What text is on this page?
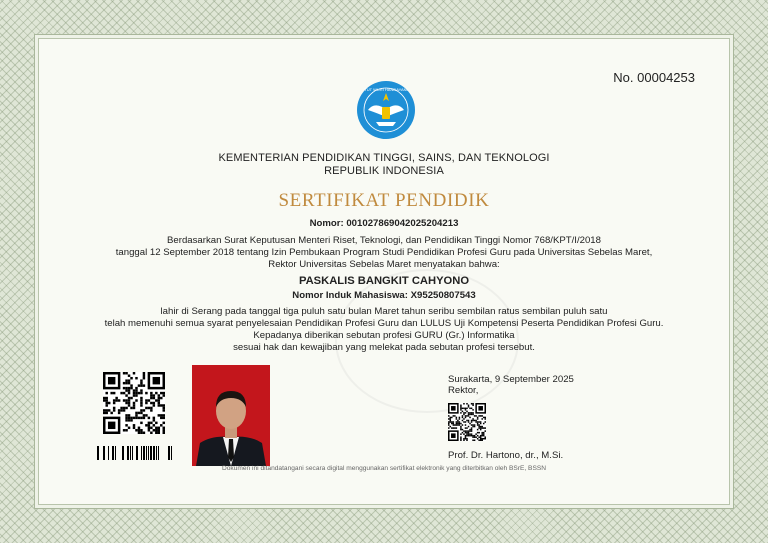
No. 00004253
TUT WURI HANDAYANI
KEMENTERIAN PENDIDIKAN TINGGI, SAINS, DAN TEKNOLOGI
REPUBLIK INDONESIA
SERTIFIKAT PENDIDIK
Nomor: 001027869042025204213
Berdasarkan Surat Keputusan Menteri Riset, Teknologi, dan Pendidikan Tinggi Nomor 768/KPT/I/2018
tanggal 12 September 2018 tentang Izin Pembukaan Program Studi Pendidikan Profesi Guru pada Universitas Sebelas Maret,
Rektor Universitas Sebelas Maret menyatakan bahwa:
PASKALIS BANGKIT CAHYONO
Nomor Induk Mahasiswa: X95250807543
lahir di Serang pada tanggal tiga puluh satu bulan Maret tahun seribu sembilan ratus sembilan puluh satu
telah memenuhi semua syarat penyelesaian Pendidikan Profesi Guru dan LULUS Uji Kompetensi Peserta Pendidikan Profesi Guru.
Kepadanya diberikan sebutan profesi GURU (Gr.) Informatika
sesuai hak dan kewajiban yang melekat pada sebutan profesi tersebut.
Surakarta, 9 September 2025
Rektor,
Prof. Dr. Hartono, dr., M.Si.
Dokumen ini ditandatangani secara digital menggunakan sertifikat elektronik yang diterbitkan oleh BSrE, BSSN
